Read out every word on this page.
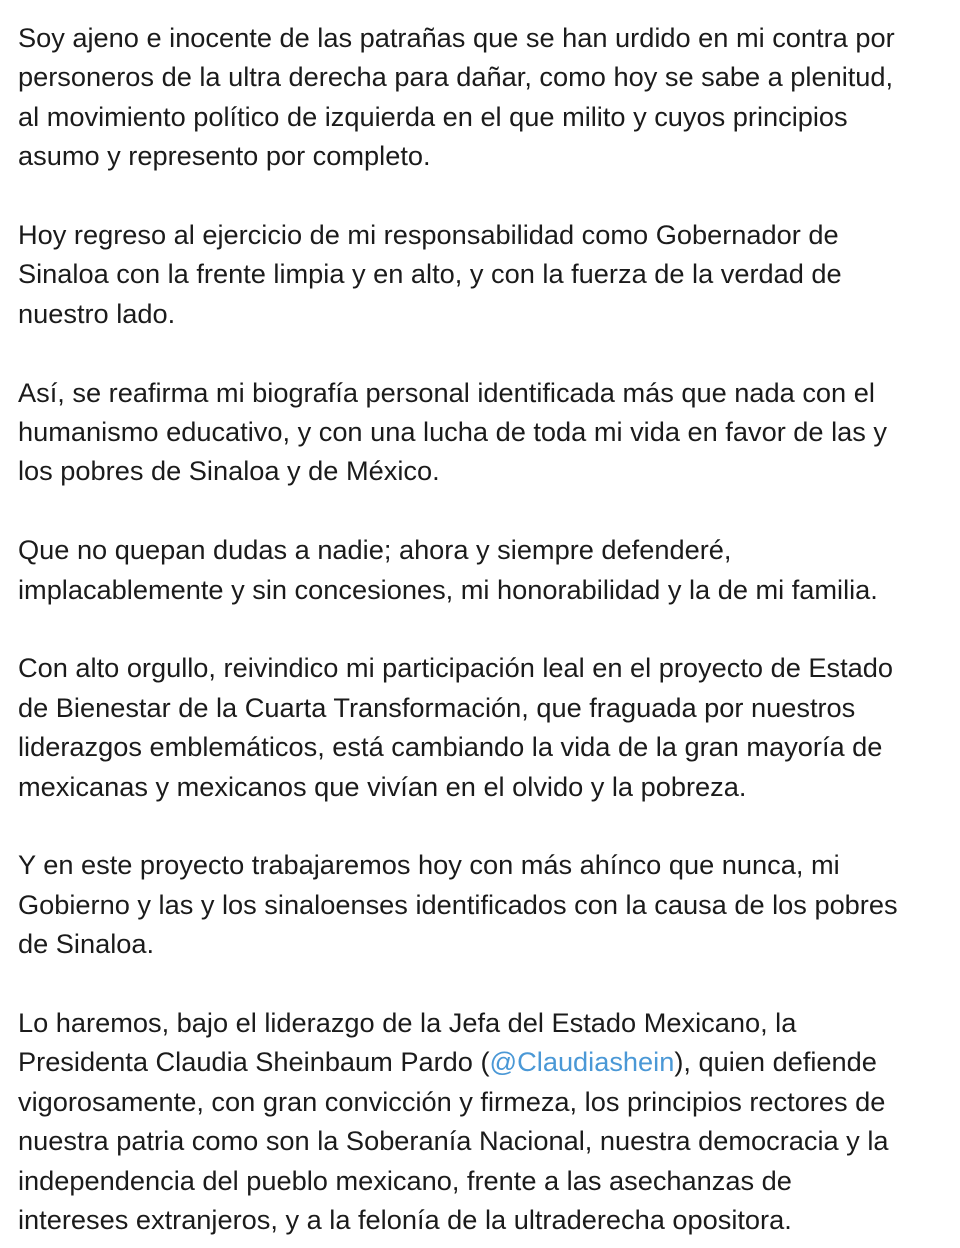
Soy ajeno e inocente de las patrañas que se han urdido en mi contra por
personeros de la ultra derecha para dañar, como hoy se sabe a plenitud,
al movimiento político de izquierda en el que milito y cuyos principios
asumo y represento por completo.

Hoy regreso al ejercicio de mi responsabilidad como Gobernador de
Sinaloa con la frente limpia y en alto, y con la fuerza de la verdad de
nuestro lado.

Así, se reafirma mi biografía personal identificada más que nada con el
humanismo educativo, y con una lucha de toda mi vida en favor de las y
los pobres de Sinaloa y de México.

Que no quepan dudas a nadie; ahora y siempre defenderé,
implacablemente y sin concesiones, mi honorabilidad y la de mi familia.

Con alto orgullo, reivindico mi participación leal en el proyecto de Estado
de Bienestar de la Cuarta Transformación, que fraguada por nuestros
liderazgos emblemáticos, está cambiando la vida de la gran mayoría de
mexicanas y mexicanos que vivían en el olvido y la pobreza.

Y en este proyecto trabajaremos hoy con más ahínco que nunca, mi
Gobierno y las y los sinaloenses identificados con la causa de los pobres
de Sinaloa.

Lo haremos, bajo el liderazgo de la Jefa del Estado Mexicano, la
Presidenta Claudia Sheinbaum Pardo (@Claudiashein), quien defiende
vigorosamente, con gran convicción y firmeza, los principios rectores de
nuestra patria como son la Soberanía Nacional, nuestra democracia y la
independencia del pueblo mexicano, frente a las asechanzas de
intereses extranjeros, y a la felonía de la ultraderecha opositora.
